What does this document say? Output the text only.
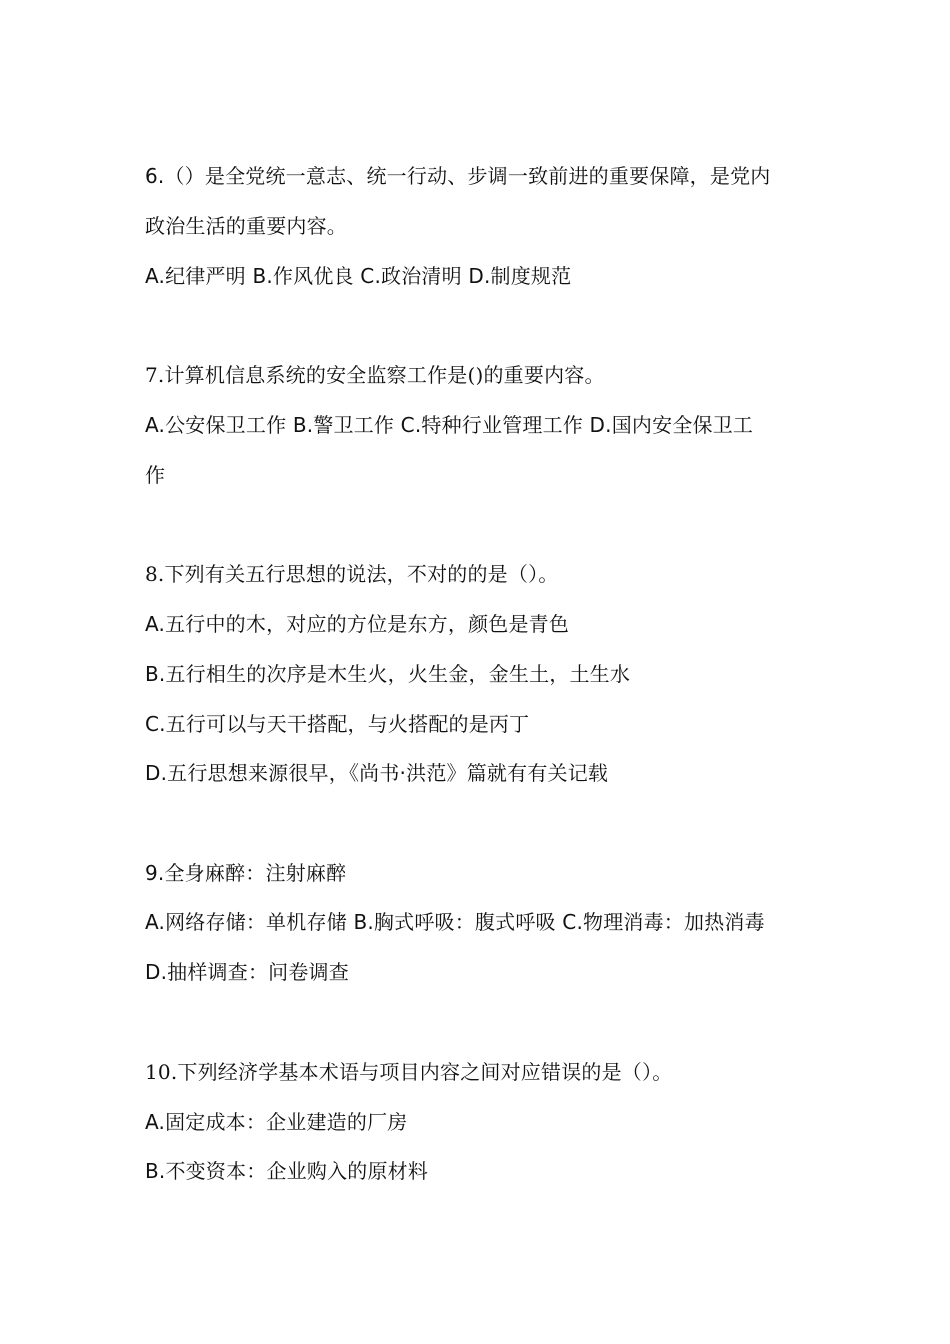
6.（）是全党统一意志、统一行动、步调一致前进的重要保障，是党内
政治生活的重要内容。
A.纪律严明 B.作风优良 C.政治清明 D.制度规范
7.计算机信息系统的安全监察工作是()的重要内容。
A.公安保卫工作 B.警卫工作 C.特种行业管理工作 D.国内安全保卫工
作
8.下列有关五行思想的说法，不对的的是（）。
A.五行中的木，对应的方位是东方，颜色是青色
B.五行相生的次序是木生火，火生金，金生土，土生水
C.五行可以与天干搭配，与火搭配的是丙丁
D.五行思想来源很早，《尚书·洪范》篇就有有关记载
9.全身麻醉：注射麻醉
A.网络存储：单机存储 B.胸式呼吸：腹式呼吸 C.物理消毒：加热消毒
D.抽样调查：问卷调查
10.下列经济学基本术语与项目内容之间对应错误的是（）。
A.固定成本：企业建造的厂房
B.不变资本：企业购入的原材料
